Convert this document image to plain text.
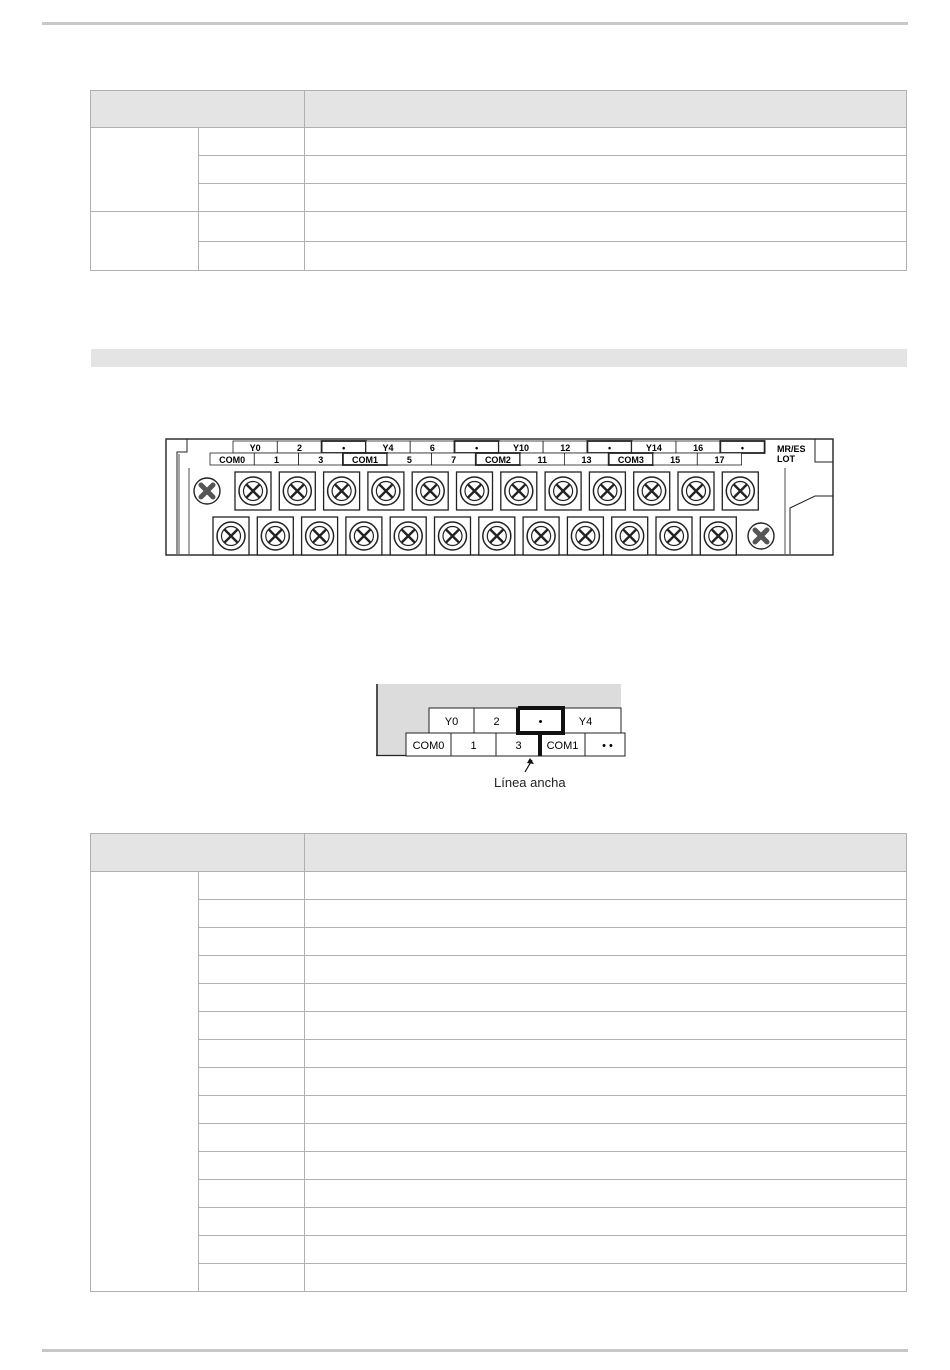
Y0	2	•	Y4	6	•	Y10	12	•	Y14	16	•
COM0	1	3	COM1	5	7	COM2	11	13	COM3	15	17
MR/ES
LOT
Y0	2	•	Y4
COM0 1	3 COM1 • •
Línea ancha
